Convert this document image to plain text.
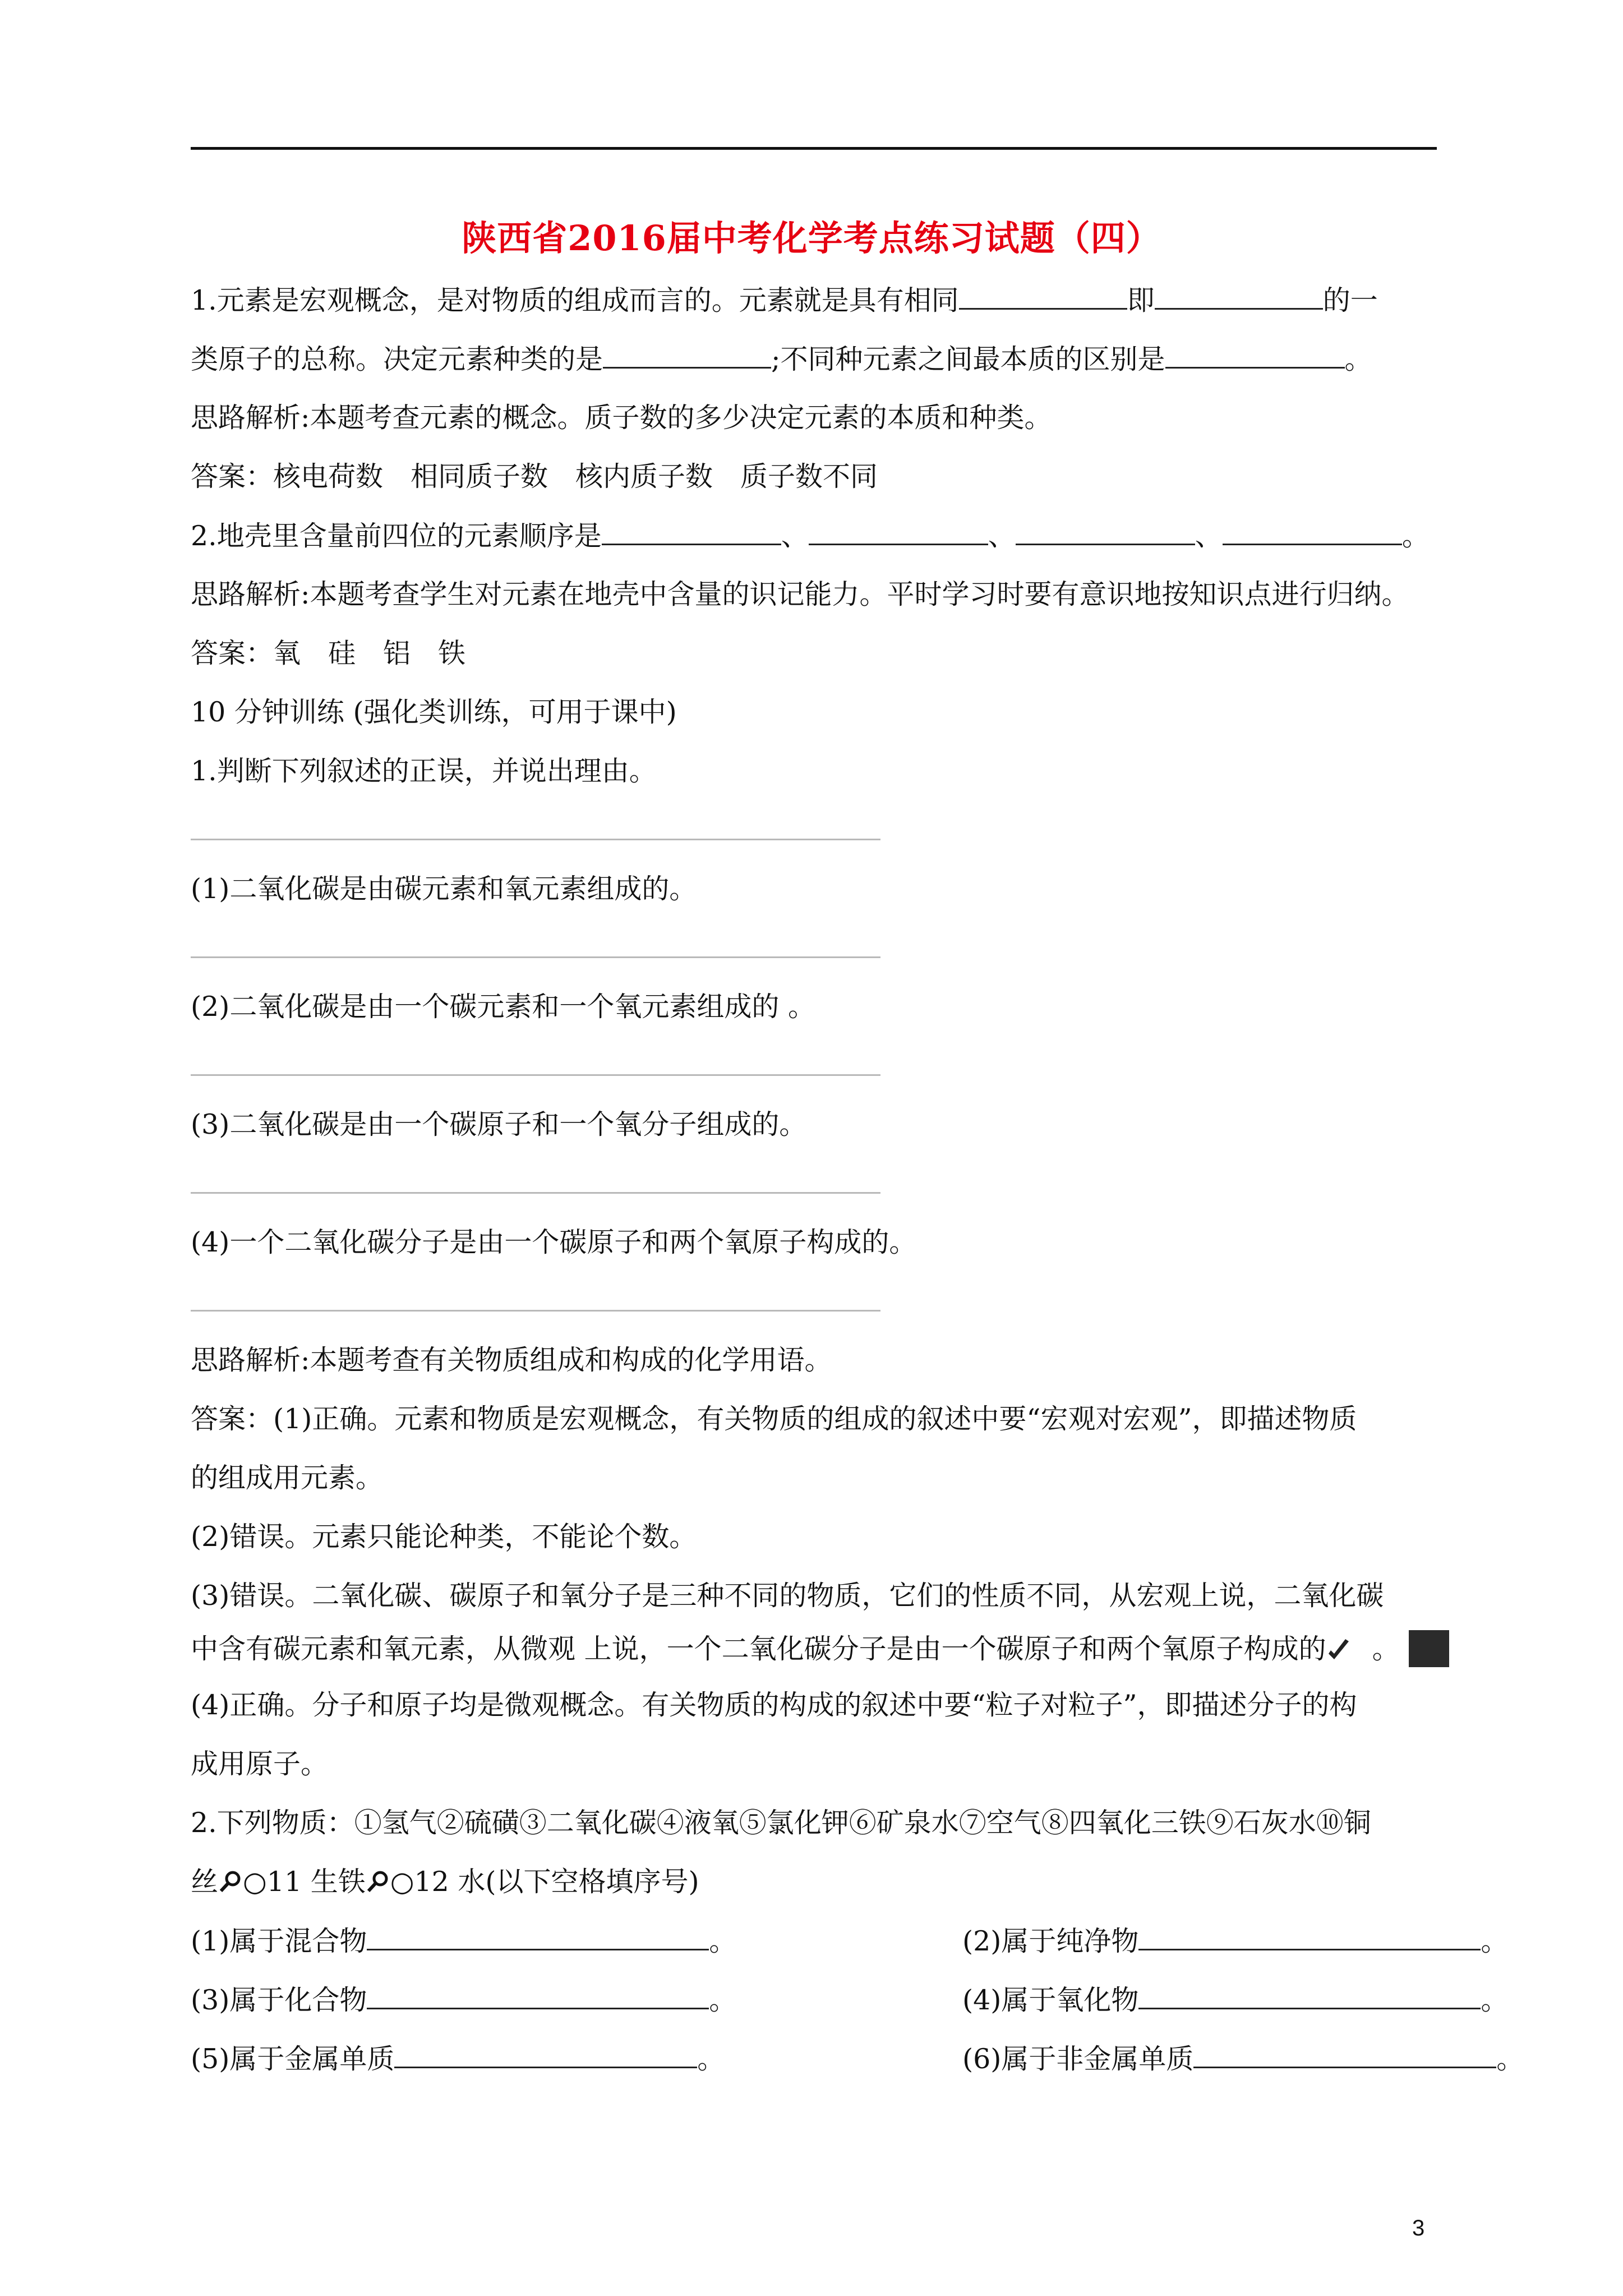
陕西省2016届中考化学考点练习试题（四）
1.元素是宏观概念，是对物质的组成而言的。元素就是具有相同	即	的一
类原子的总称。决定元素种类的是	;不同种元素之间最本质的区别是	。
思路解析:本题考查元素的概念。质子数的多少决定元素的本质和种类。
答案：核电荷数　相同质子数　核内质子数　质子数不同
2.地壳里含量前四位的元素顺序是	、	、	、	。
思路解析:本题考查学生对元素在地壳中含量的识记能力。平时学习时要有意识地按知识点进行归纳。
答案：氧　硅　铝　铁
10 分钟训练 (强化类训练，可用于课中)
1.判断下列叙述的正误，并说出理由。
(1)二氧化碳是由碳元素和氧元素组成的。
(2)二氧化碳是由一个碳元素和一个氧元素组成的 。
(3)二氧化碳是由一个碳原子和一个氧分子组成的。
(4)一个二氧化碳分子是由一个碳原子和两个氧原子构成的。
思路解析:本题考查有关物质组成和构成的化学用语。
答案：(1)正确。元素和物质是宏观概念，有关物质的组成的叙述中要“宏观对宏观”，即描述物质
的组成用元素。
(2)错误。元素只能论种类，不能论个数。
(3)错误。二氧化碳、碳原子和氧分子是三种不同的物质，它们的性质不同，从宏观上说，二氧化碳
中含有碳元素和氧元素，从微观 上说，一个二氧化碳分子是由一个碳原子和两个氧原子构成的 。
(4)正确。分子和原子均是微观概念。有关物质的构成的叙述中要“粒子对粒子”，即描述分子的构
成用原子。
2.下列物质：①氢气②硫磺③二氧化碳④液氧⑤氯化钾⑥矿泉水⑦空气⑧四氧化三铁⑨石灰水⑩铜
丝 ○11 生铁 ○12 水(以下空格填序号)
(1)属于混合物	。	(2)属于纯净物	。
(3)属于化合物	。	(4)属于氧化物	。
(5)属于金属单质	。	(6)属于非金属单质	。
3
